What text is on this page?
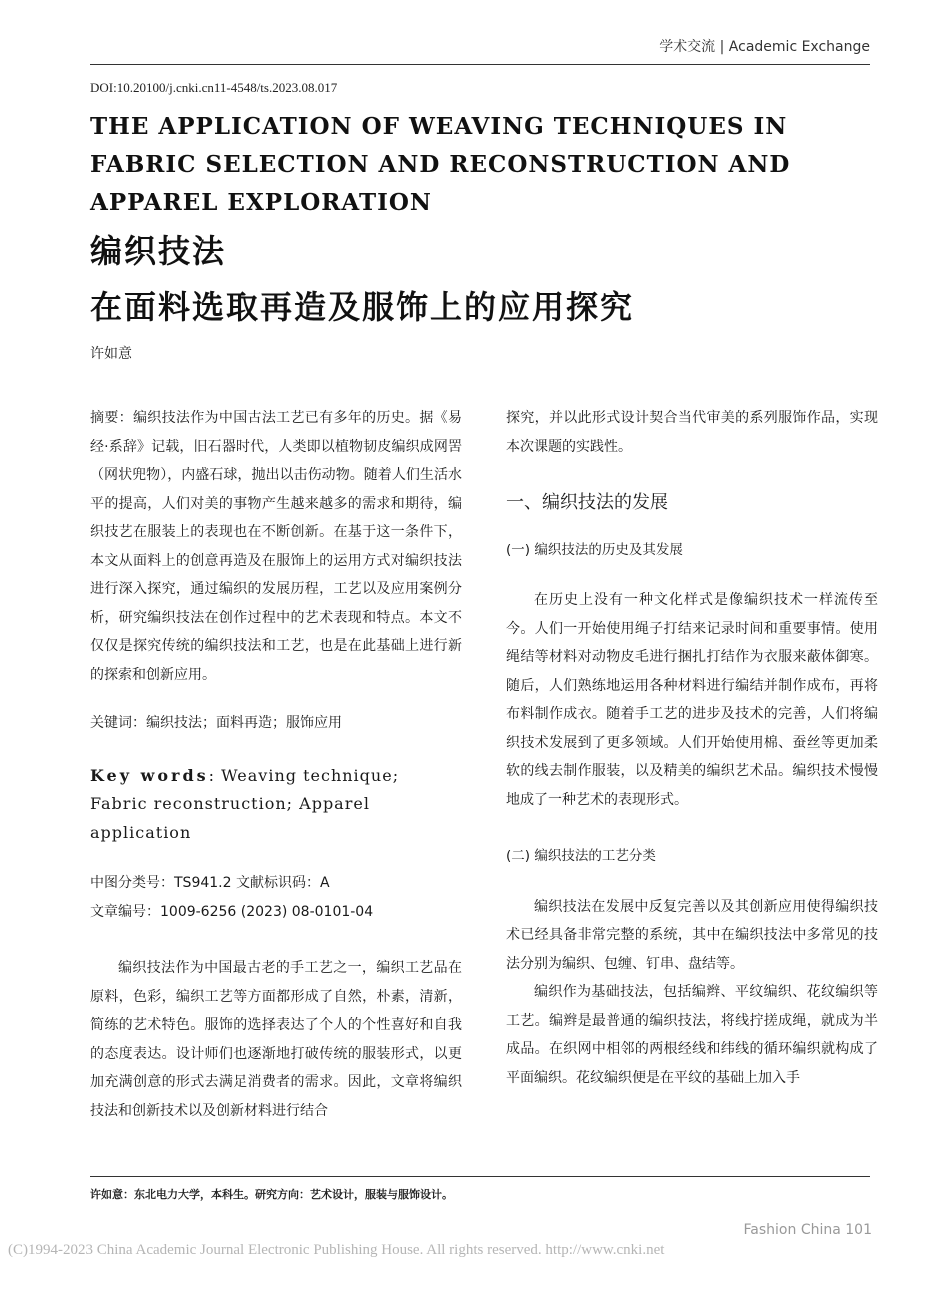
学术交流 | Academic Exchange
DOI:10.20100/j.cnki.cn11-4548/ts.2023.08.017
THE APPLICATION OF WEAVING TECHNIQUES IN FABRIC SELECTION AND RECONSTRUCTION AND APPAREL EXPLORATION
编织技法
在面料选取再造及服饰上的应用探究
许如意

摘要：编织技法作为中国古法工艺已有多年的历史。据《易经·系辞》记载，旧石器时代，人类即以植物韧皮编织成网罟（网状兜物），内盛石球，抛出以击伤动物。随着人们生活水平的提高，人们对美的事物产生越来越多的需求和期待，编织技艺在服装上的表现也在不断创新。在基于这一条件下，本文从面料上的创意再造及在服饰上的运用方式对编织技法进行深入探究，通过编织的发展历程，工艺以及应用案例分析，研究编织技法在创作过程中的艺术表现和特点。本文不仅仅是探究传统的编织技法和工艺，也是在此基础上进行新的探索和创新应用。

关键词：编织技法；面料再造；服饰应用

Key words: Weaving technique; Fabric reconstruction; Apparel application

中图分类号：TS941.2 文献标识码：A

文章编号：1009-6256 (2023) 08-0101-04

编织技法作为中国最古老的手工艺之一，编织工艺品在原料，色彩，编织工艺等方面都形成了自然，朴素，清新，简练的艺术特色。服饰的选择表达了个人的个性喜好和自我的态度表达。设计师们也逐渐地打破传统的服装形式，以更加充满创意的形式去满足消费者的需求。因此，文章将编织技法和创新技术以及创新材料进行结合

探究，并以此形式设计契合当代审美的系列服饰作品，实现本次课题的实践性。

一、编织技法的发展

(一) 编织技法的历史及其发展

在历史上没有一种文化样式是像编织技术一样流传至今。人们一开始使用绳子打结来记录时间和重要事情。使用绳结等材料对动物皮毛进行捆扎打结作为衣服来蔽体御寒。随后，人们熟练地运用各种材料进行编结并制作成布，再将布料制作成衣。随着手工艺的进步及技术的完善，人们将编织技术发展到了更多领域。人们开始使用棉、蚕丝等更加柔软的线去制作服装，以及精美的编织艺术品。编织技术慢慢地成了一种艺术的表现形式。

(二) 编织技法的工艺分类

编织技法在发展中反复完善以及其创新应用使得编织技术已经具备非常完整的系统，其中在编织技法中多常见的技法分别为编织、包缠、钉串、盘结等。

编织作为基础技法，包括编辫、平纹编织、花纹编织等工艺。编辫是最普通的编织技法，将线拧搓成绳，就成为半成品。在织网中相邻的两根经线和纬线的循环编织就构成了平面编织。花纹编织便是在平纹的基础上加入手

许如意：东北电力大学，本科生。研究方向：艺术设计，服装与服饰设计。
Fashion China 101
(C)1994-2023 China Academic Journal Electronic Publishing House. All rights reserved. http://www.cnki.net
